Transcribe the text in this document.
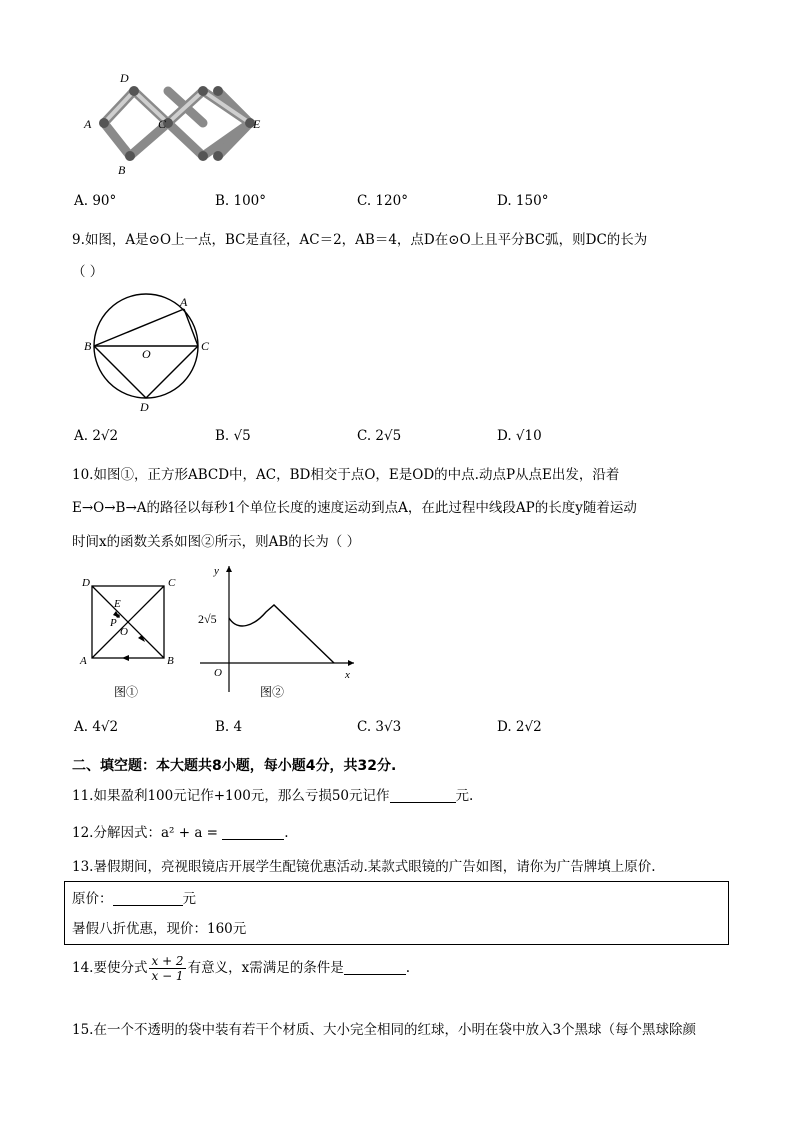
D
A	C	E
B
A. 90°	B. 100°	C. 120°	D. 150°
9.如图，A是⊙O上一点，BC是直径，AC＝2，AB＝4，点D在⊙O上且平分BC弧，则DC的长为
（ ）
A
B
O
C
D
A. 2√2	B. √5	C. 2√5	D. √10
10.如图①，正方形ABCD中，AC，BD相交于点O，E是OD的中点.动点P从点E出发，沿着
E→O→B→A的路径以每秒1个单位长度的速度运动到点A，在此过程中线段AP的长度y随着运动
时间x的函数关系如图②所示，则AB的长为（ ）
D	C
E
P
O
A	B
图①
y
x
O
2√5
图②
A. 4√2	B. 4	C. 3√3	D. 2√2
二、填空题：本大题共8小题，每小题4分，共32分.
11.如果盈利100元记作+100元，那么亏损50元记作	元.
12.分解因式：a² + a =	.
13.暑假期间，亮视眼镜店开展学生配镜优惠活动.某款式眼镜的广告如图，请你为广告牌填上原价.
原价：	元
暑假八折优惠，现价：160元
14.要使分式 $\frac{x + 2}{x - 1}$ 有意义，x需满足的条件是	.
15.在一个不透明的袋中装有若干个材质、大小完全相同的红球，小明在袋中放入3个黑球（每个黑球除颜
